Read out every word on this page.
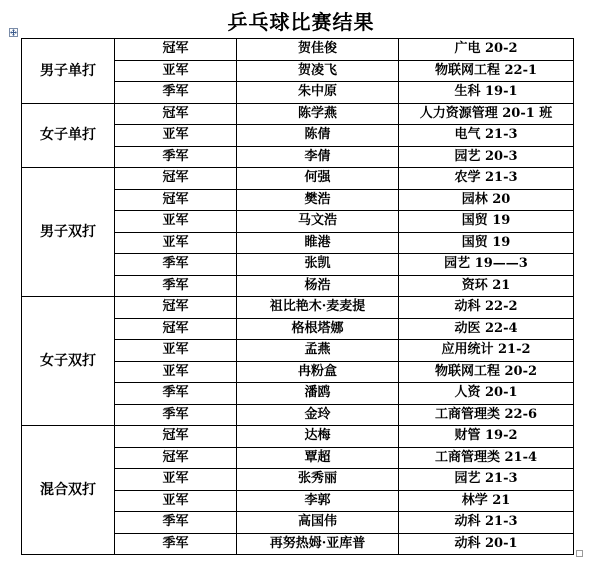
乒乓球比赛结果
男子单打	冠军	贺佳俊	广电 20-2
	亚军	贺凌飞	物联网工程 22-1
	季军	朱中原	生科 19-1
女子单打	冠军	陈学燕	人力资源管理 20-1 班
	亚军	陈倩	电气 21-3
	季军	李倩	园艺 20-3
男子双打	冠军	何强	农学 21-3
	冠军	樊浩	园林 20
	亚军	马文浩	国贸 19
	亚军	睢港	国贸 19
	季军	张凯	园艺 19——3
	季军	杨浩	资环 21
女子双打	冠军	祖比艳木·麦麦提	动科 22-2
	冠军	格根塔娜	动医 22-4
	亚军	孟燕	应用统计 21-2
	亚军	冉粉盒	物联网工程 20-2
	季军	潘鸥	人资 20-1
	季军	金玲	工商管理类 22-6
混合双打	冠军	达梅	财管 19-2
	冠军	覃超	工商管理类 21-4
	亚军	张秀丽	园艺 21-3
	亚军	李郭	林学 21
	季军	高国伟	动科 21-3
	季军	再努热姆·亚库普	动科 20-1
